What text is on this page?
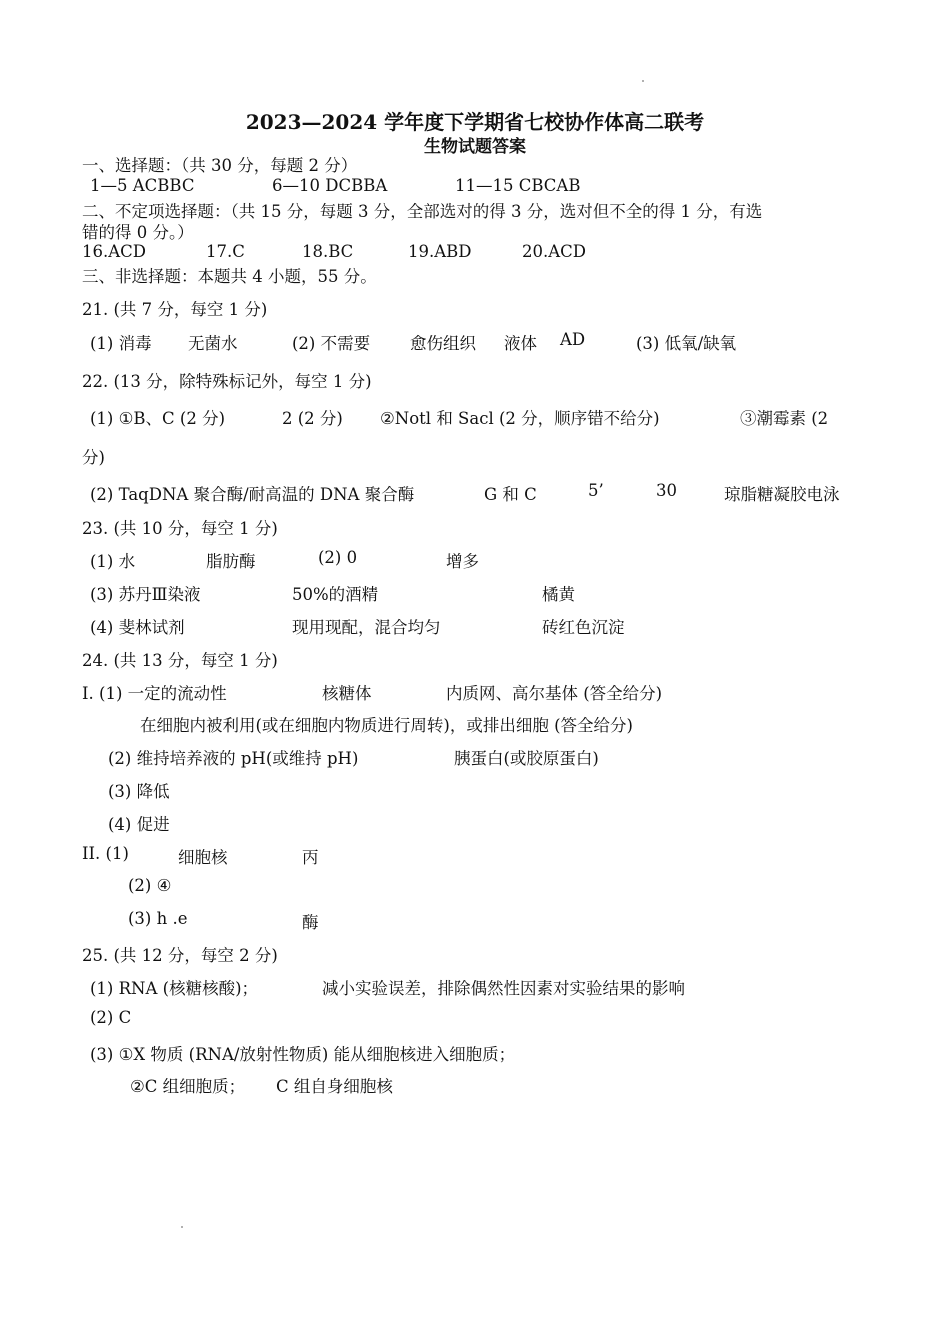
2023—2024 学年度下学期省七校协作体高二联考
生物试题答案
一、选择题：（共 30 分，每题 2 分）
1—5 ACBBC	6—10 DCBBA	11—15 CBCAB
二、不定项选择题：（共 15 分，每题 3 分，全部选对的得 3 分，选对但不全的得 1 分，有选
错的得 0 分。）
16.ACD	17.C	18.BC	19.ABD	20.ACD
三、非选择题：本题共 4 小题，55 分。
21. (共 7 分，每空 1 分)
(1) 消毒 无菌水	(2) 不需要 愈伤组织 液体 AD	(3) 低氧/缺氧
22. (13 分，除特殊标记外，每空 1 分)
(1) ①B、C (2 分)	2 (2 分) ②Notl 和 Sacl (2 分，顺序错不给分)	③潮霉素 (2
分)
(2) TaqDNA 聚合酶/耐高温的 DNA 聚合酶	G 和 C	5’	30	琼脂糖凝胶电泳
23. (共 10 分，每空 1 分)
(1) 水	脂肪酶	(2) 0	增多
(3) 苏丹Ⅲ染液	50%的酒精	橘黄
(4) 斐林试剂	现用现配，混合均匀	砖红色沉淀
24. (共 13 分，每空 1 分)
I. (1) 一定的流动性	核糖体	内质网、高尔基体 (答全给分)
在细胞内被利用(或在细胞内物质进行周转)，或排出细胞 (答全给分)
(2) 维持培养液的 pH(或维持 pH)	胰蛋白(或胶原蛋白)
(3) 降低
(4) 促进
II. (1)	细胞核	丙
(2) ④
(3) h .e	酶
25. (共 12 分，每空 2 分)
(1) RNA (核糖核酸)；	减小实验误差，排除偶然性因素对实验结果的影响
(2) C
(3) ①X 物质 (RNA/放射性物质) 能从细胞核进入细胞质；
②C 组细胞质； C 组自身细胞核
